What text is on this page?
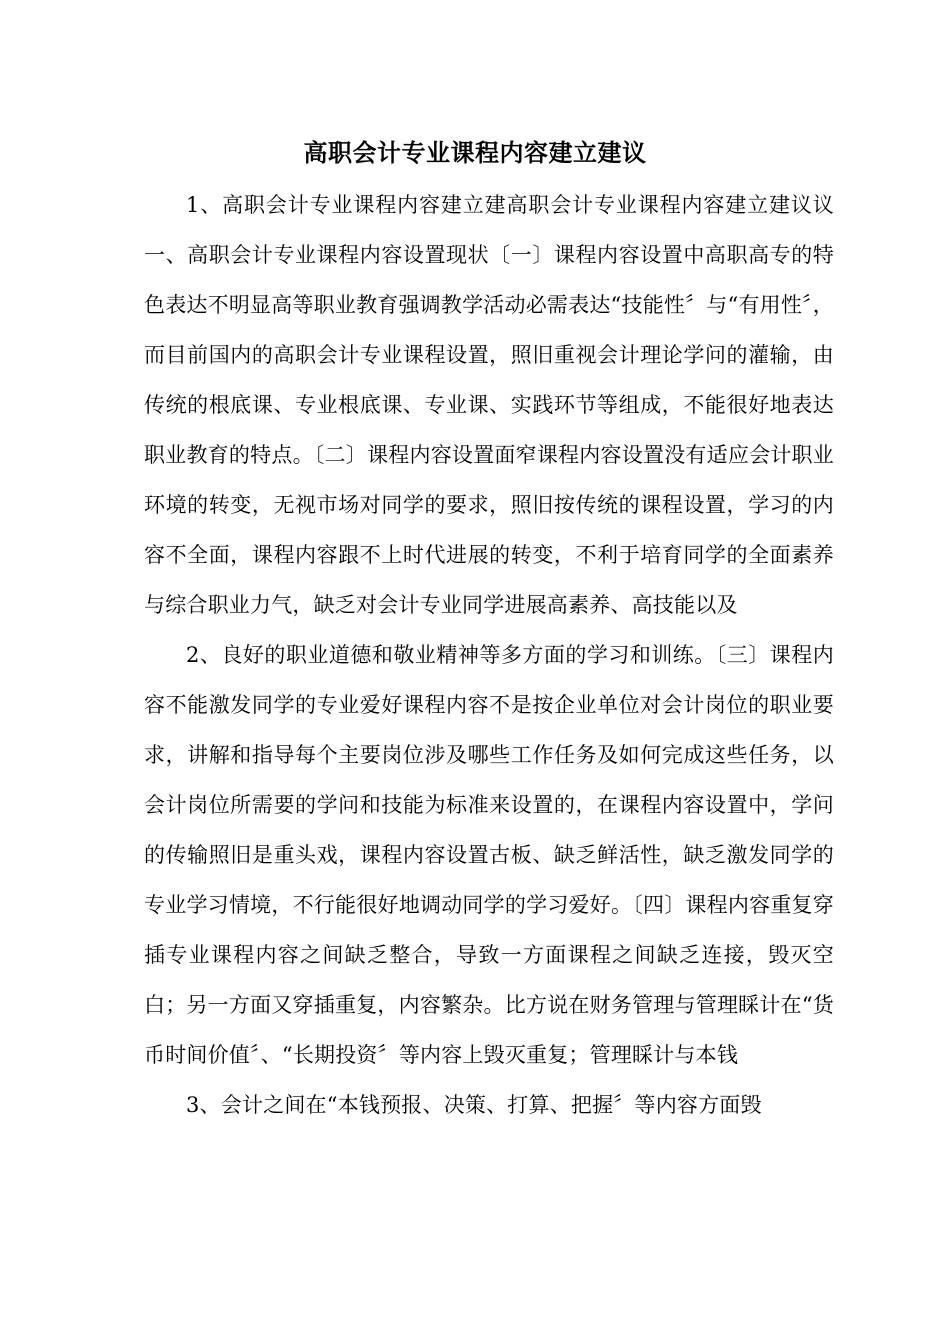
高职会计专业课程内容建立建议

1、高职会计专业课程内容建立建高职会计专业课程内容建立建议议一、高职会计专业课程内容设置现状〔一〕课程内容设置中高职高专的特色表达不明显高等职业教育强调教学活动必需表达“技能性〞与“有用性〞，而目前国内的高职会计专业课程设置，照旧重视会计理论学问的灌输，由传统的根底课、专业根底课、专业课、实践环节等组成，不能很好地表达职业教育的特点。〔二〕课程内容设置面窄课程内容设置没有适应会计职业环境的转变，无视市场对同学的要求，照旧按传统的课程设置，学习的内容不全面，课程内容跟不上时代进展的转变，不利于培育同学的全面素养与综合职业力气，缺乏对会计专业同学进展高素养、高技能以及

2、良好的职业道德和敬业精神等多方面的学习和训练。〔三〕课程内容不能激发同学的专业爱好课程内容不是按企业单位对会计岗位的职业要求，讲解和指导每个主要岗位涉及哪些工作任务及如何完成这些任务，以会计岗位所需要的学问和技能为标准来设置的，在课程内容设置中，学问的传输照旧是重头戏，课程内容设置古板、缺乏鲜活性，缺乏激发同学的专业学习情境，不行能很好地调动同学的学习爱好。〔四〕课程内容重复穿插专业课程内容之间缺乏整合，导致一方面课程之间缺乏连接，毁灭空白；另一方面又穿插重复，内容繁杂。比方说在财务管理与管理睬计在“货币时间价值〞、“长期投资〞等内容上毁灭重复；管理睬计与本钱

3、会计之间在“本钱预报、决策、打算、把握〞等内容方面毁
